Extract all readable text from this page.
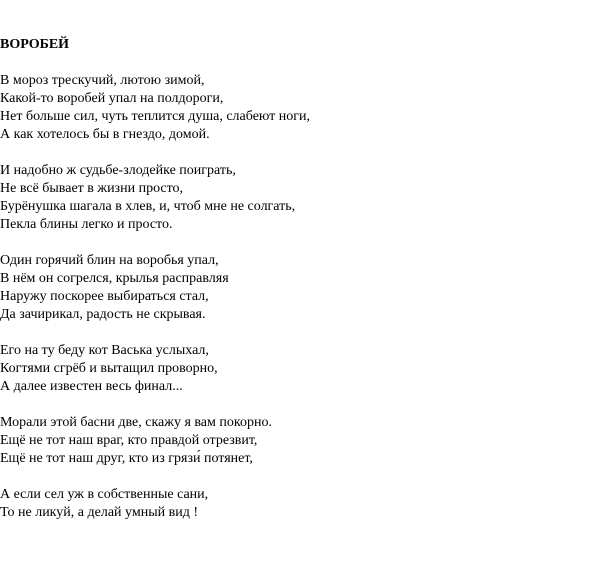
ВОРОБЕЙ
В мороз трескучий, лютою зимой,
Какой-то воробей упал на полдороги,
Нет больше сил, чуть теплится душа, слабеют ноги,
А как хотелось бы в гнездо, домой.
И надобно ж судьбе-злодейке поиграть,
Не всё бывает в жизни просто,
Бурёнушка шагала в хлев, и, чтоб мне не солгать,
Пекла блины легко и просто.
Один горячий блин на воробья упал,
В нём он согрелся, крылья расправляя
Наружу поскорее выбираться стал,
Да зачирикал, радость не скрывая.
Его на ту беду кот Васька услыхал,
Когтями сгрёб и вытащил проворно,
А далее известен весь финал...
Морали этой басни две, скажу я вам покорно.
Ещё не тот наш враг, кто правдой отрезвит,
Ещё не тот наш друг, кто из грязи́ потянет,
А если сел уж в собственные сани,
То не ликуй, а делай умный вид !
